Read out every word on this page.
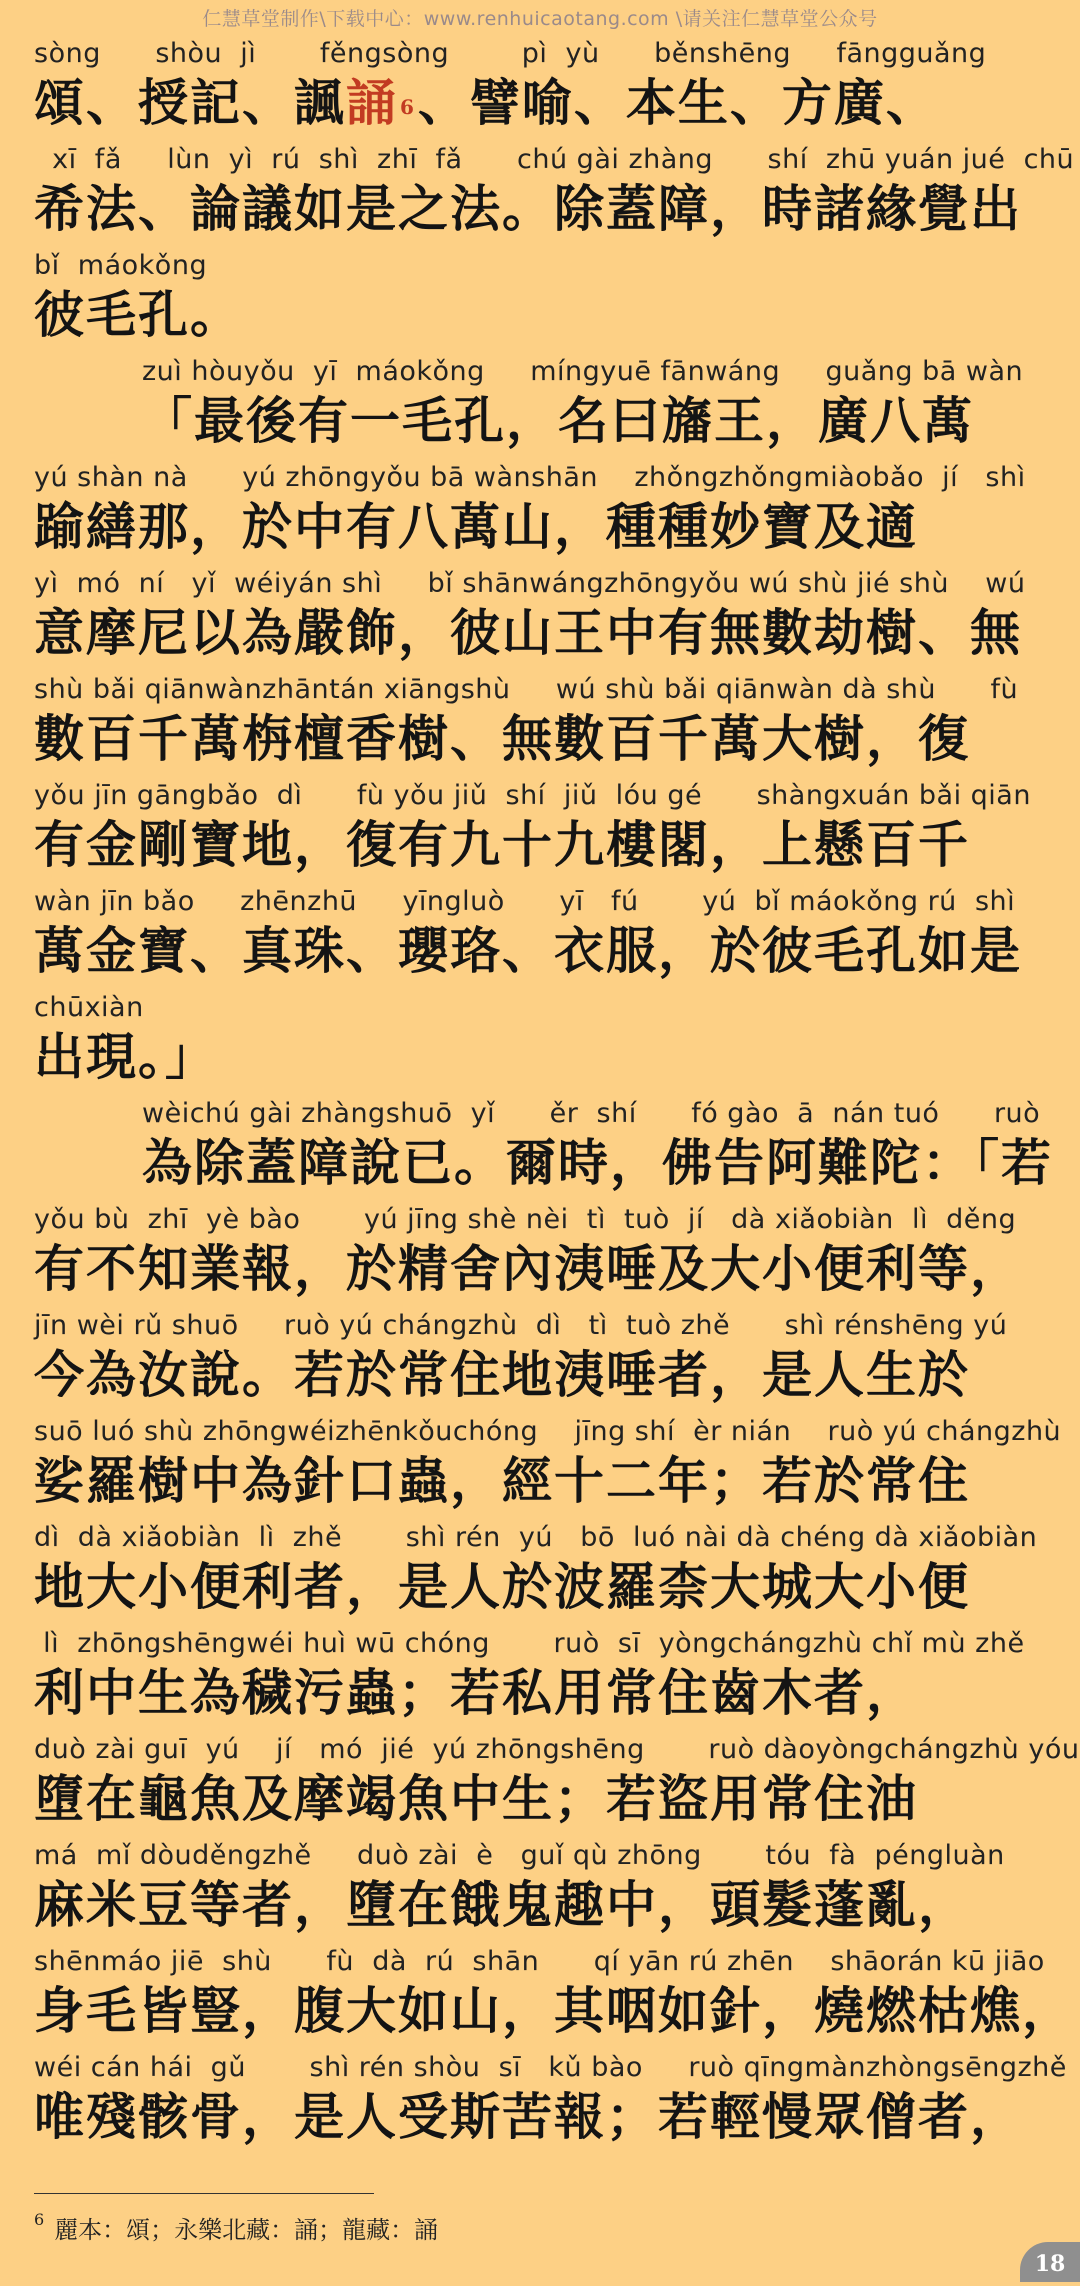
仁慧草堂制作\下载中心：www.renhuicaotang.com \请关注仁慧草堂公众号
sòng      shòu  jì       fěngsòng        pì  yù      běnshēng     fāngguǎng
頌、授記、諷誦 $^6$、譬喻、本生、方廣、
xī  fǎ     lùn  yì  rú  shì  zhī  fǎ      chú gài zhàng      shí  zhū yuán jué  chū
希法、論議如是之法。除蓋障，時諸緣覺出
bǐ  máokǒng
彼毛孔。
zuì hòuyǒu  yī  máokǒng     míngyuē fānwáng     guǎng bā wàn
「最後有一毛孔，名曰旛王，廣八萬
yú shàn nà      yú zhōngyǒu bā wànshān    zhǒngzhǒngmiàobǎo  jí   shì
踰繕那，於中有八萬山，種種妙寶及適
yì  mó  ní   yǐ  wéiyán shì     bǐ shānwángzhōngyǒu wú shù jié shù    wú
意摩尼以為嚴飾，彼山王中有無數劫樹、無
shù bǎi qiānwànzhāntán xiāngshù     wú shù bǎi qiānwàn dà shù      fù
數百千萬栴檀香樹、無數百千萬大樹，復
yǒu jīn gāngbǎo  dì      fù yǒu jiǔ  shí  jiǔ  lóu gé      shàngxuán bǎi qiān
有金剛寶地，復有九十九樓閣，上懸百千
wàn jīn bǎo     zhēnzhū     yīngluò      yī   fú       yú  bǐ máokǒng rú  shì
萬金寶、真珠、瓔珞、衣服，於彼毛孔如是
chūxiàn
出現。」
wèichú gài zhàngshuō  yǐ      ěr  shí      fó gào  ā  nán tuó      ruò
為除蓋障說已。爾時，佛告阿難陀：「若
yǒu bù  zhī  yè bào       yú jīng shè nèi  tì  tuò  jí   dà xiǎobiàn  lì  děng
有不知業報，於精舍內洟唾及大小便利等，
jīn wèi rǔ shuō     ruò yú chángzhù  dì   tì  tuò zhě      shì rénshēng yú
今為汝說。若於常住地洟唾者，是人生於
suō luó shù zhōngwéizhēnkǒuchóng    jīng shí  èr nián    ruò yú chángzhù
娑羅樹中為針口蟲，經十二年；若於常住
dì  dà xiǎobiàn  lì  zhě       shì rén  yú   bō  luó nài dà chéng dà xiǎobiàn
地大小便利者，是人於波羅柰大城大小便
lì  zhōngshēngwéi huì wū chóng       ruò  sī  yòngchángzhù chǐ mù zhě
利中生為穢污蟲；若私用常住齒木者，
duò zài guī  yú    jí   mó  jié  yú zhōngshēng       ruò dàoyòngchángzhù yóu
墮在龜魚及摩竭魚中生；若盜用常住油
má  mǐ dòuděngzhě     duò zài  è   guǐ qù zhōng       tóu  fà  péngluàn
麻米豆等者，墮在餓鬼趣中，頭髮蓬亂，
shēnmáo jiē  shù      fù  dà  rú  shān      qí yān rú zhēn    shāorán kū jiāo
身毛皆豎，腹大如山，其咽如針，燒燃枯燋，
wéi cán hái  gǔ       shì rén shòu  sī   kǔ bào     ruò qīngmànzhòngsēngzhě
唯殘骸骨，是人受斯苦報；若輕慢眾僧者，
$^6$ 麗本：頌；永樂北藏：誦；龍藏：誦
18
